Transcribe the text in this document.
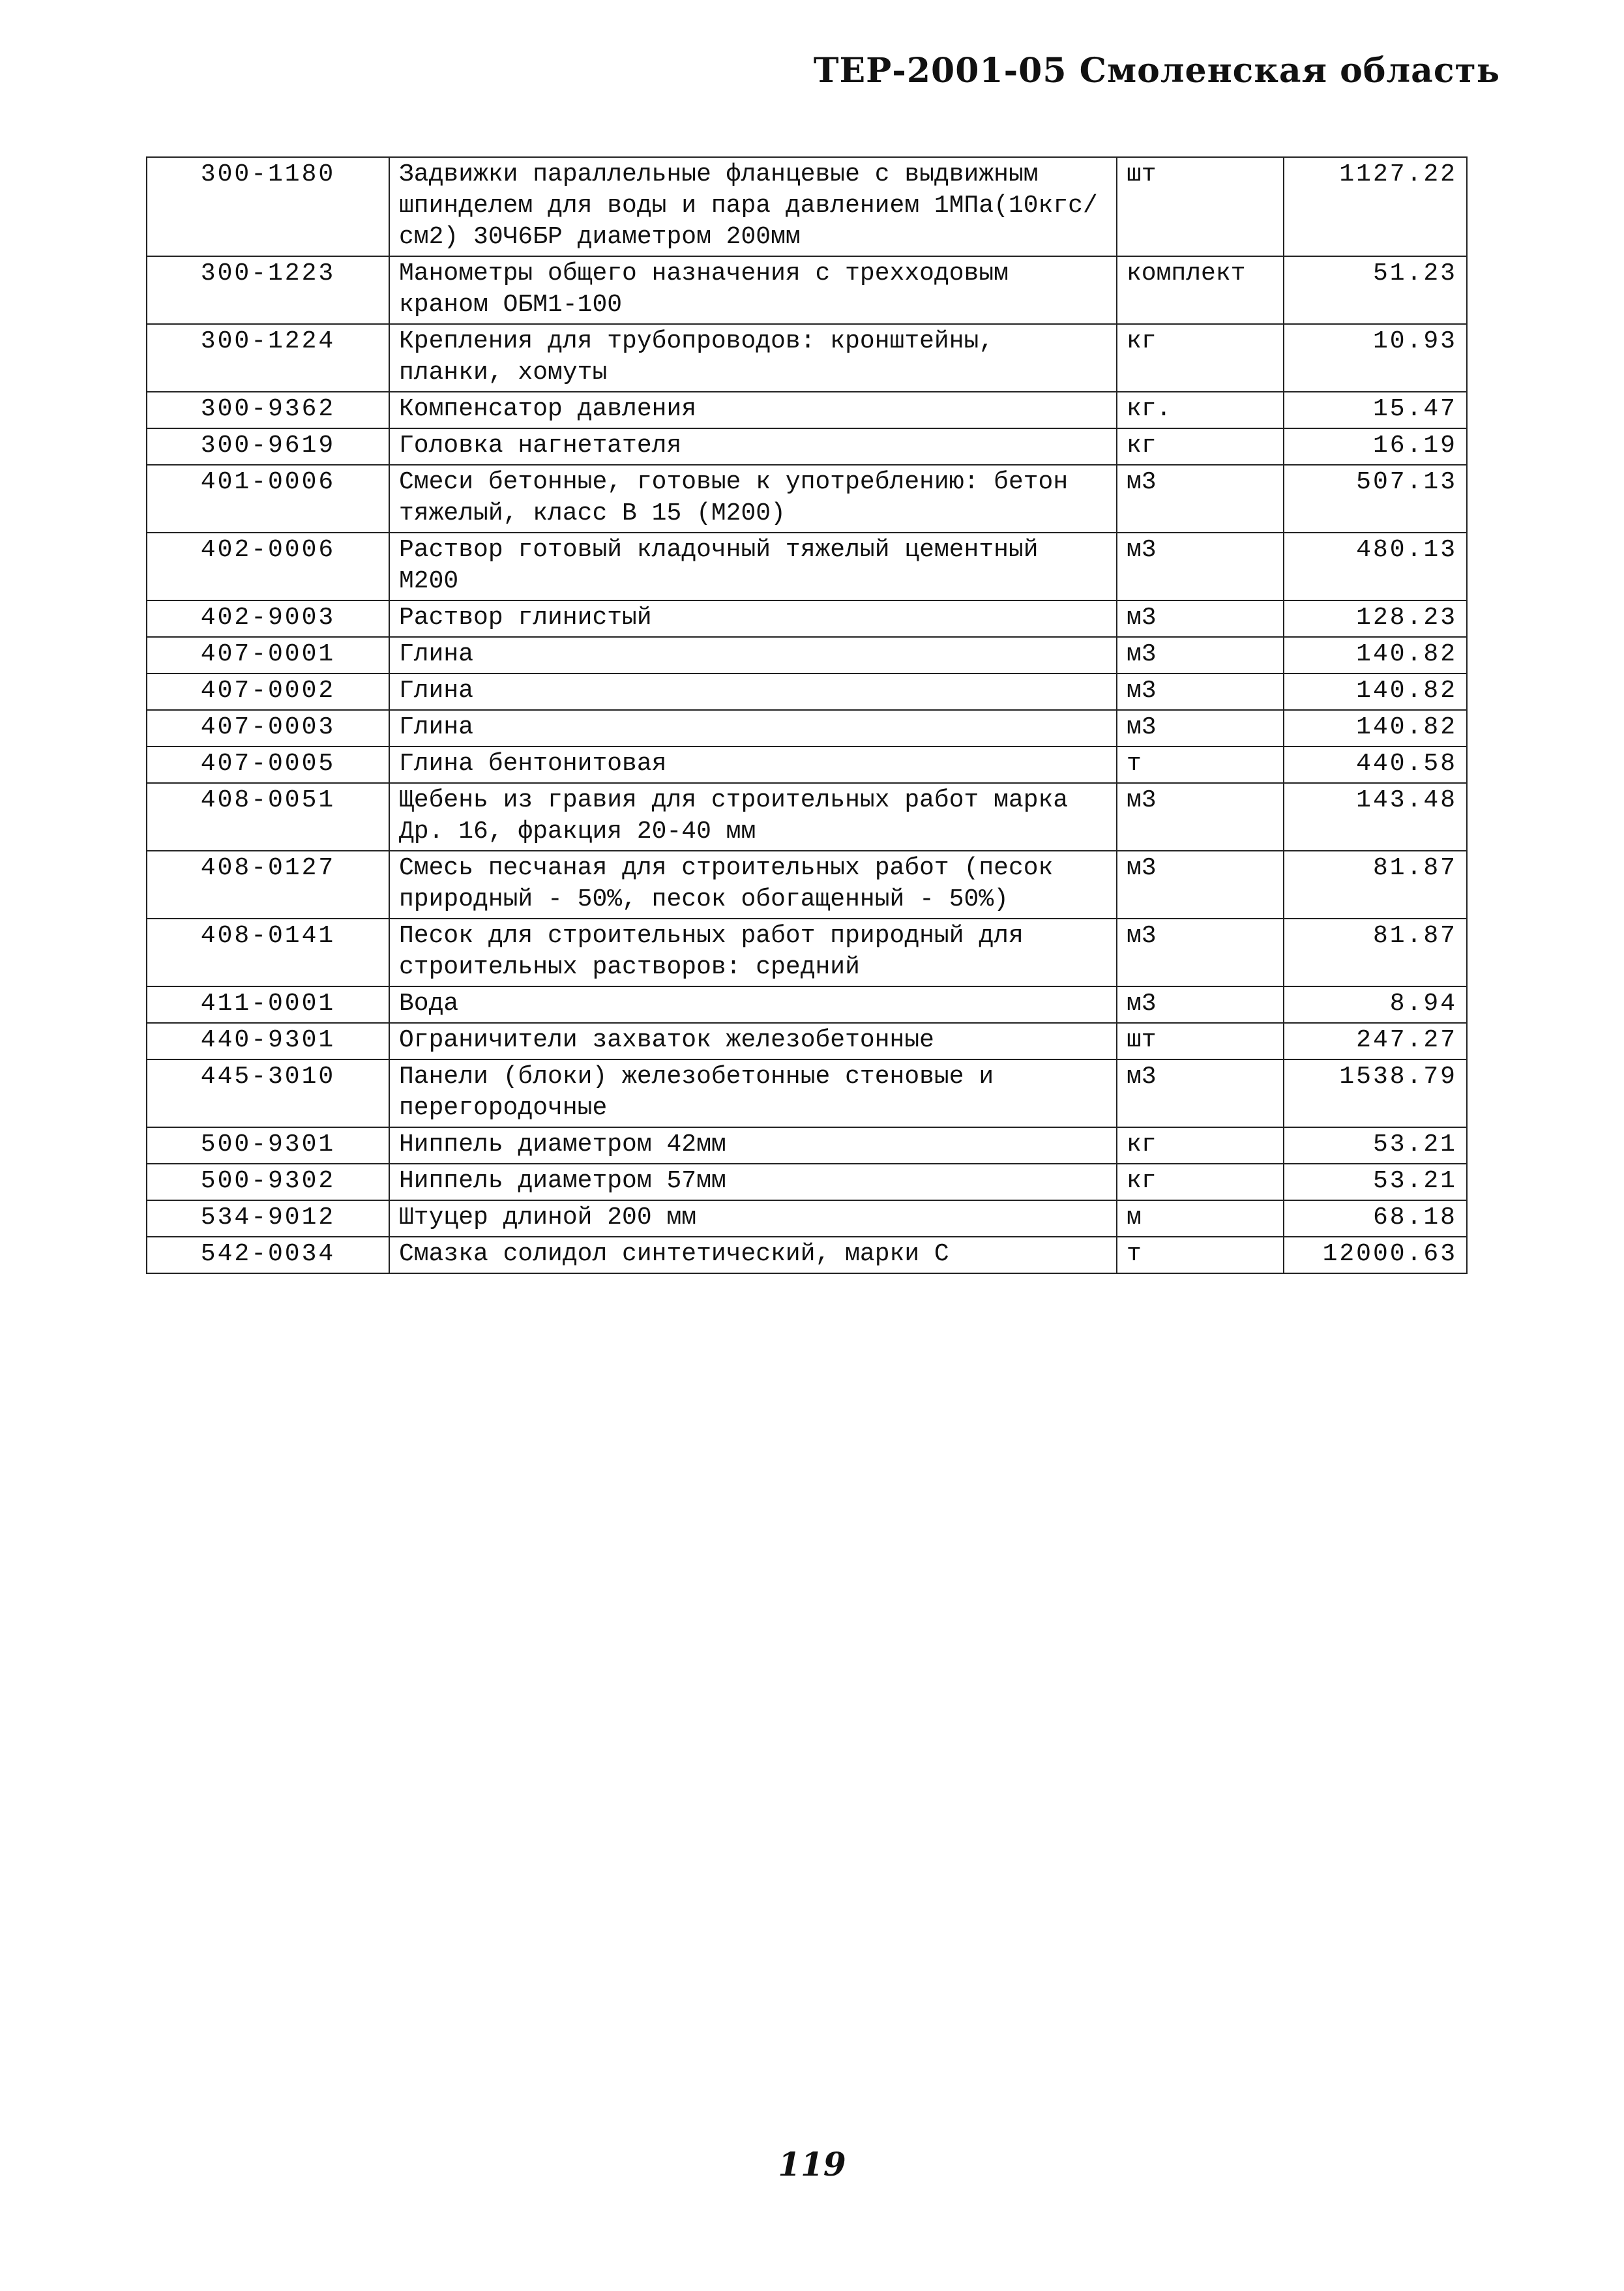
ТЕР-2001-05 Смоленская область
300-1180	Задвижки параллельные фланцевые с выдвижным шпинделем для воды и пара давлением 1МПа(10кгс/см2) 30Ч6БР диаметром 200мм	шт	1127.22
300-1223	Манометры общего назначения с трехходовым краном ОБМ1-100	комплект	51.23
300-1224	Крепления для трубопроводов: кронштейны, планки, хомуты	кг	10.93
300-9362	Компенсатор давления	кг.	15.47
300-9619	Головка нагнетателя	кг	16.19
401-0006	Смеси бетонные, готовые к употреблению: бетон тяжелый, класс В 15 (М200)	м3	507.13
402-0006	Раствор готовый кладочный тяжелый цементный М200	м3	480.13
402-9003	Раствор глинистый	м3	128.23
407-0001	Глина	м3	140.82
407-0002	Глина	м3	140.82
407-0003	Глина	м3	140.82
407-0005	Глина бентонитовая	т	440.58
408-0051	Щебень из гравия для строительных работ марка Др. 16, фракция 20-40 мм	м3	143.48
408-0127	Смесь песчаная для строительных работ (песок природный - 50%, песок обогащенный - 50%)	м3	81.87
408-0141	Песок для строительных работ природный для строительных растворов: средний	м3	81.87
411-0001	Вода	м3	8.94
440-9301	Ограничители захваток железобетонные	шт	247.27
445-3010	Панели (блоки) железобетонные стеновые и перегородочные	м3	1538.79
500-9301	Ниппель диаметром 42мм	кг	53.21
500-9302	Ниппель диаметром 57мм	кг	53.21
534-9012	Штуцер длиной 200 мм	м	68.18
542-0034	Смазка солидол синтетический, марки С	т	12000.63
119
